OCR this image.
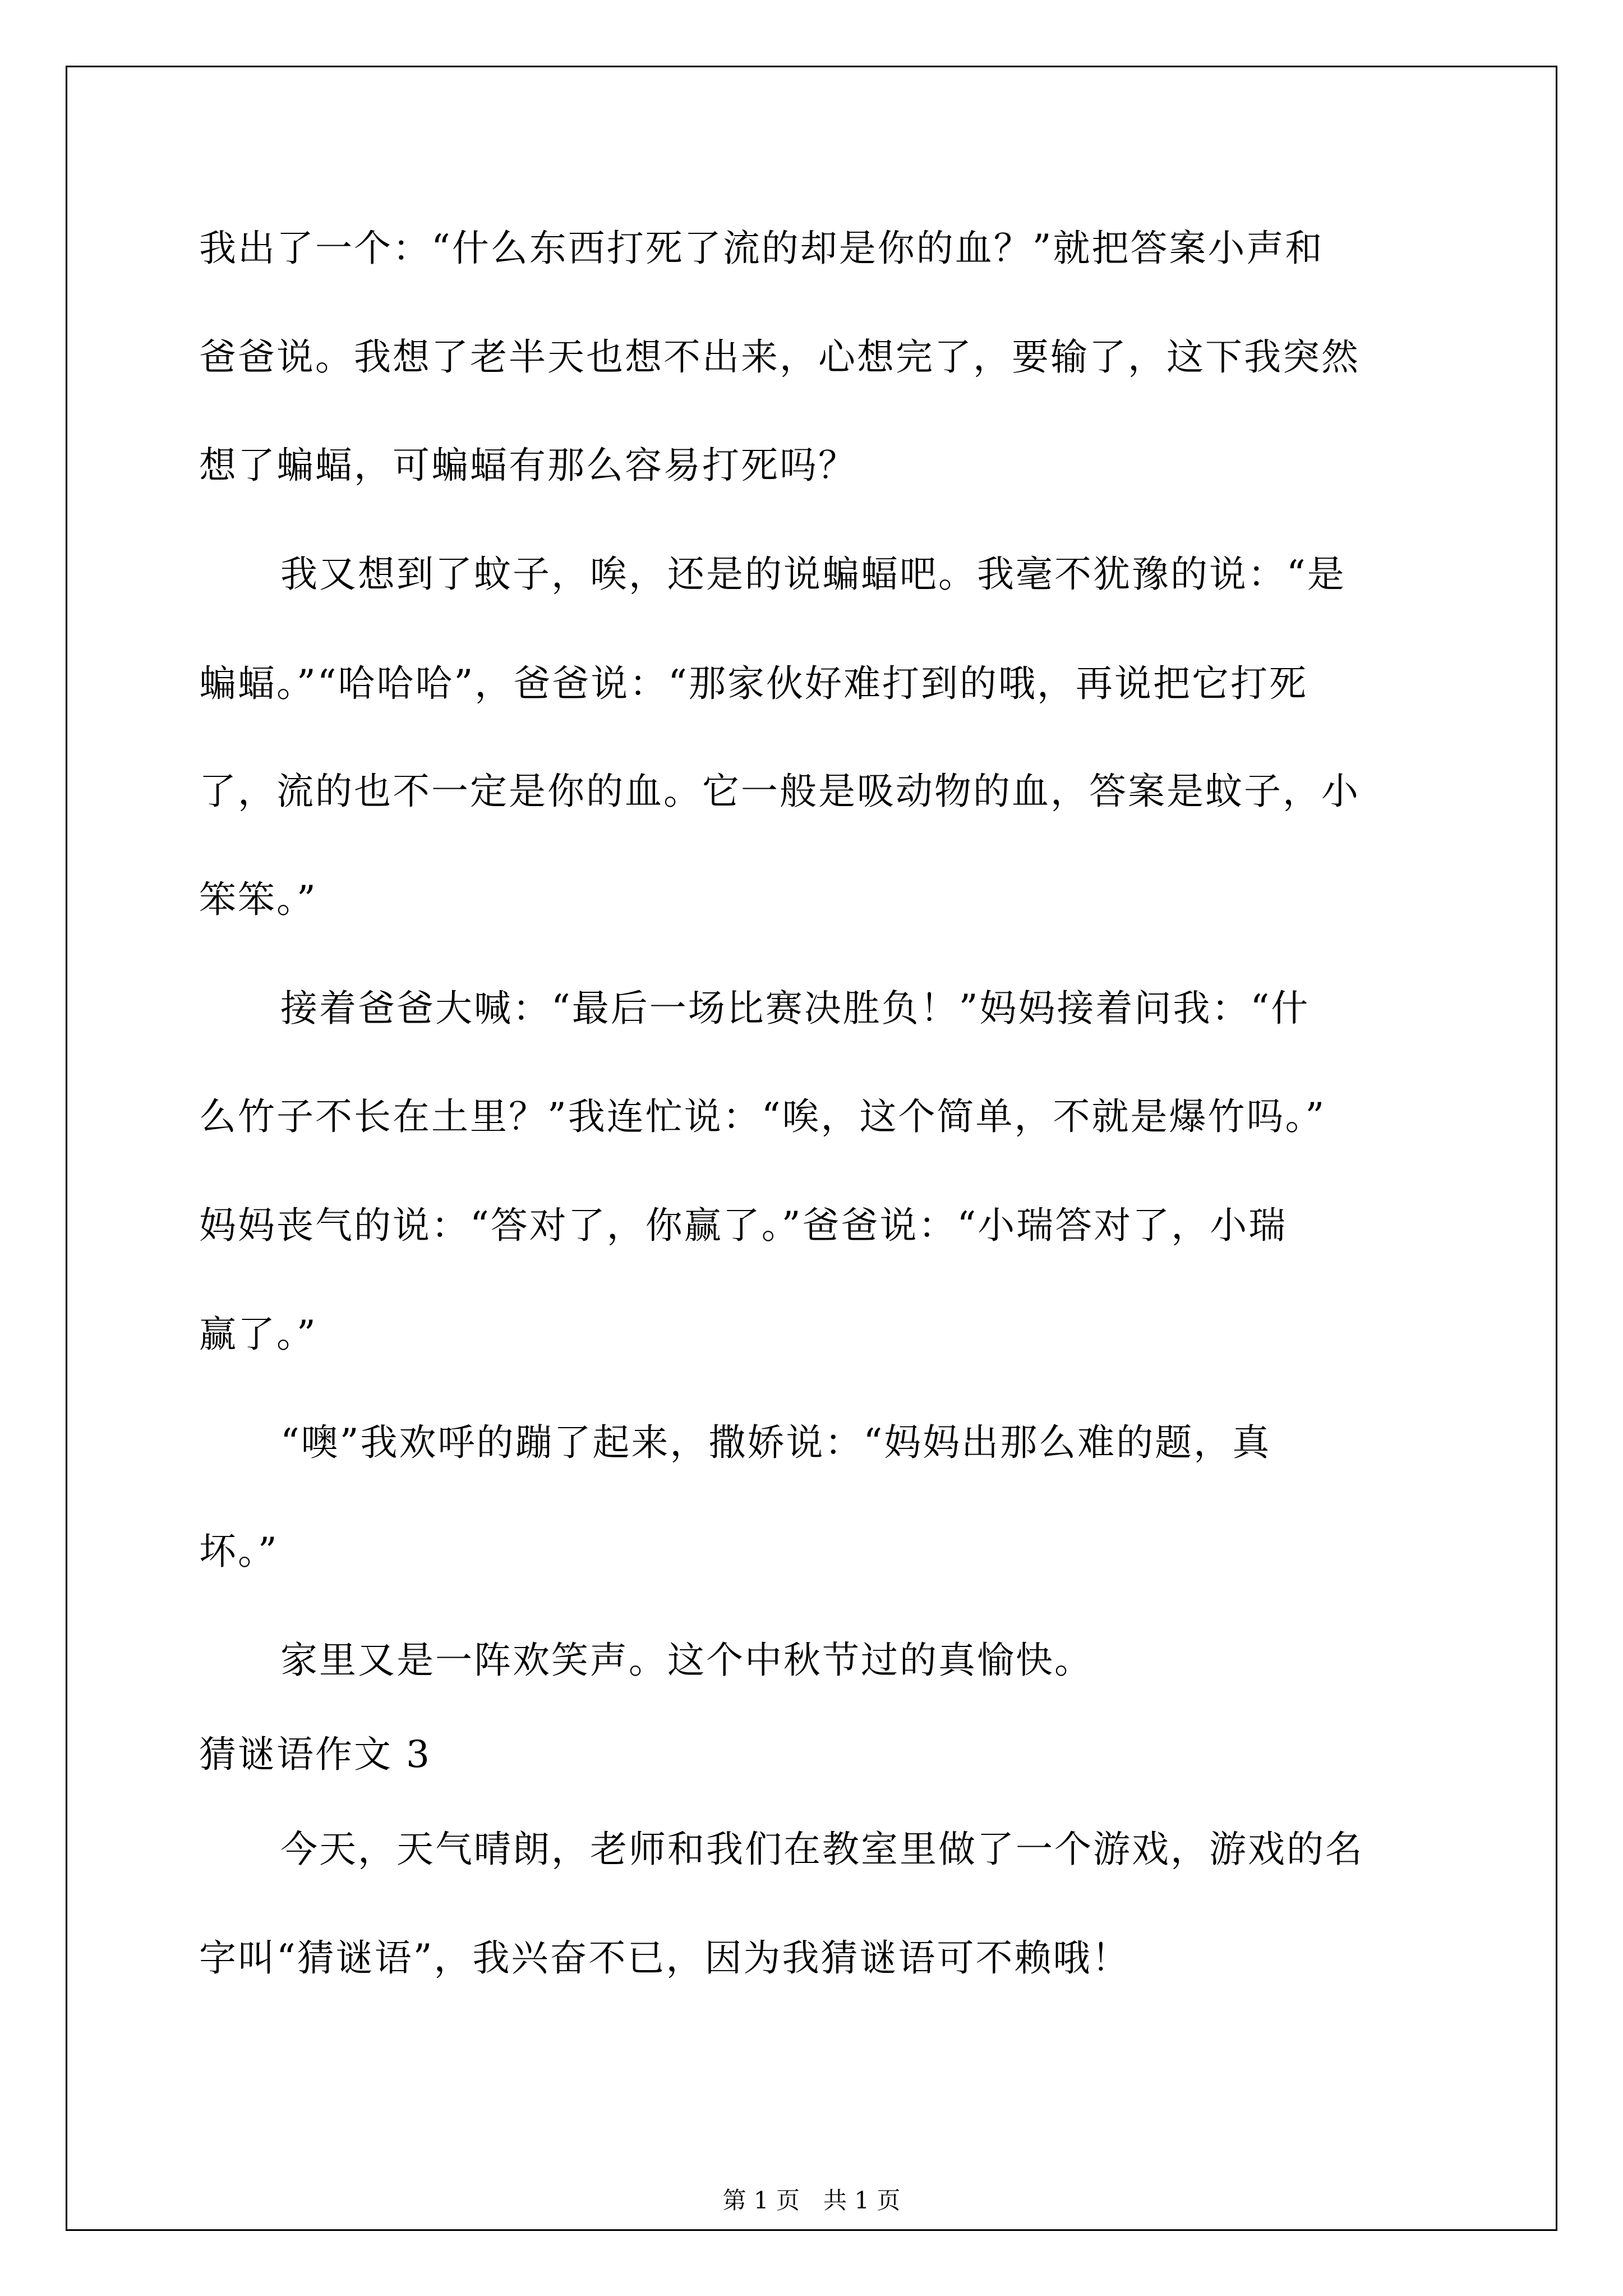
我出了一个：“什么东西打死了流的却是你的血？”就把答案小声和
爸爸说。我想了老半天也想不出来，心想完了，要输了，这下我突然
想了蝙蝠，可蝙蝠有那么容易打死吗？
我又想到了蚊子，唉，还是的说蝙蝠吧。我毫不犹豫的说：“是
蝙蝠。”“哈哈哈”，爸爸说：“那家伙好难打到的哦，再说把它打死
了，流的也不一定是你的血。它一般是吸动物的血，答案是蚊子，小
笨笨。”
接着爸爸大喊：“最后一场比赛决胜负！”妈妈接着问我：“什
么竹子不长在土里？”我连忙说：“唉，这个简单，不就是爆竹吗。”
妈妈丧气的说：“答对了，你赢了。”爸爸说：“小瑞答对了，小瑞
赢了。”
“噢”我欢呼的蹦了起来，撒娇说：“妈妈出那么难的题，真
坏。”
家里又是一阵欢笑声。这个中秋节过的真愉快。
猜谜语作文 3
今天，天气晴朗，老师和我们在教室里做了一个游戏，游戏的名
字叫“猜谜语”，我兴奋不已，因为我猜谜语可不赖哦！
第 1 页　共 1 页
